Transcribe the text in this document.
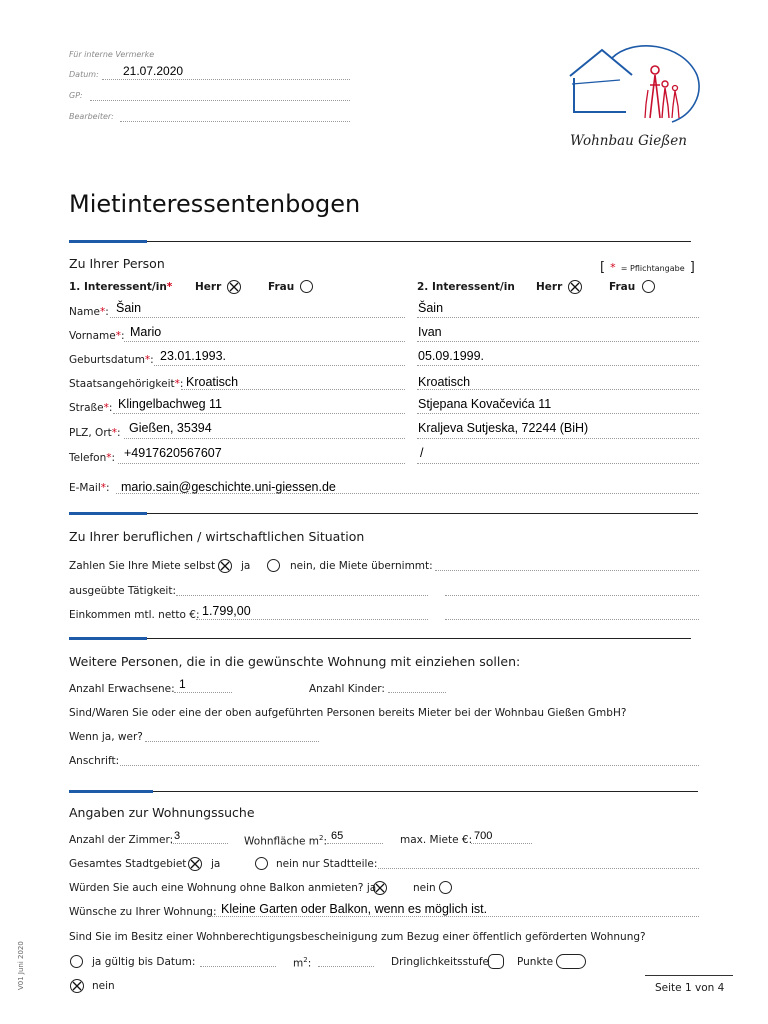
Für interne Vermerke
Datum: 21.07.2020
GP:
Bearbeiter:
Wohnbau Gießen
Mietinteressentenbogen
Zu Ihrer Person	[ * = Pflichtangabe ]
1. Interessent/in* Herr	Frau	2. Interessent/in Herr	Frau
Name*: Šain	Šain
Vorname*: Mario	Ivan
Geburtsdatum*: 23.01.1993.	05.09.1999.
Staatsangehörigkeit*: Kroatisch	Kroatisch
Straße*: Klingelbachweg 11	Stjepana Kovačevića 11
PLZ, Ort*: Gießen, 35394	Kraljeva Sutjeska, 72244 (BiH)
Telefon*: +4917620567607	/
E-Mail*: mario.sain@geschichte.uni-giessen.de
Zu Ihrer beruflichen / wirtschaftlichen Situation
Zahlen Sie Ihre Miete selbst ja	nein, die Miete übernimmt:
ausgeübte Tätigkeit:
Einkommen mtl. netto €: 1.799,00
Weitere Personen, die in die gewünschte Wohnung mit einziehen sollen:
Anzahl Erwachsene: 1	Anzahl Kinder:
Sind/Waren Sie oder eine der oben aufgeführten Personen bereits Mieter bei der Wohnbau Gießen GmbH?
Wenn ja, wer?
Anschrift:
Angaben zur Wohnungssuche
Anzahl der Zimmer: 3	Wohnfläche $m^2$: 65	max. Miete €: 700
Gesamtes Stadtgebiet ja	nein nur Stadtteile:
Würden Sie auch eine Wohnung ohne Balkon anmieten? ja	nein
Wünsche zu Ihrer Wohnung: Kleine Garten oder Balkon, wenn es möglich ist.
Sind Sie im Besitz einer Wohnberechtigungsbescheinigung zum Bezug einer öffentlich geförderten Wohnung?
ja gültig bis Datum:	$m^2$:	Dringlichkeitsstufe	Punkte
nein
V01 Juni 2020	Seite 1 von 4
